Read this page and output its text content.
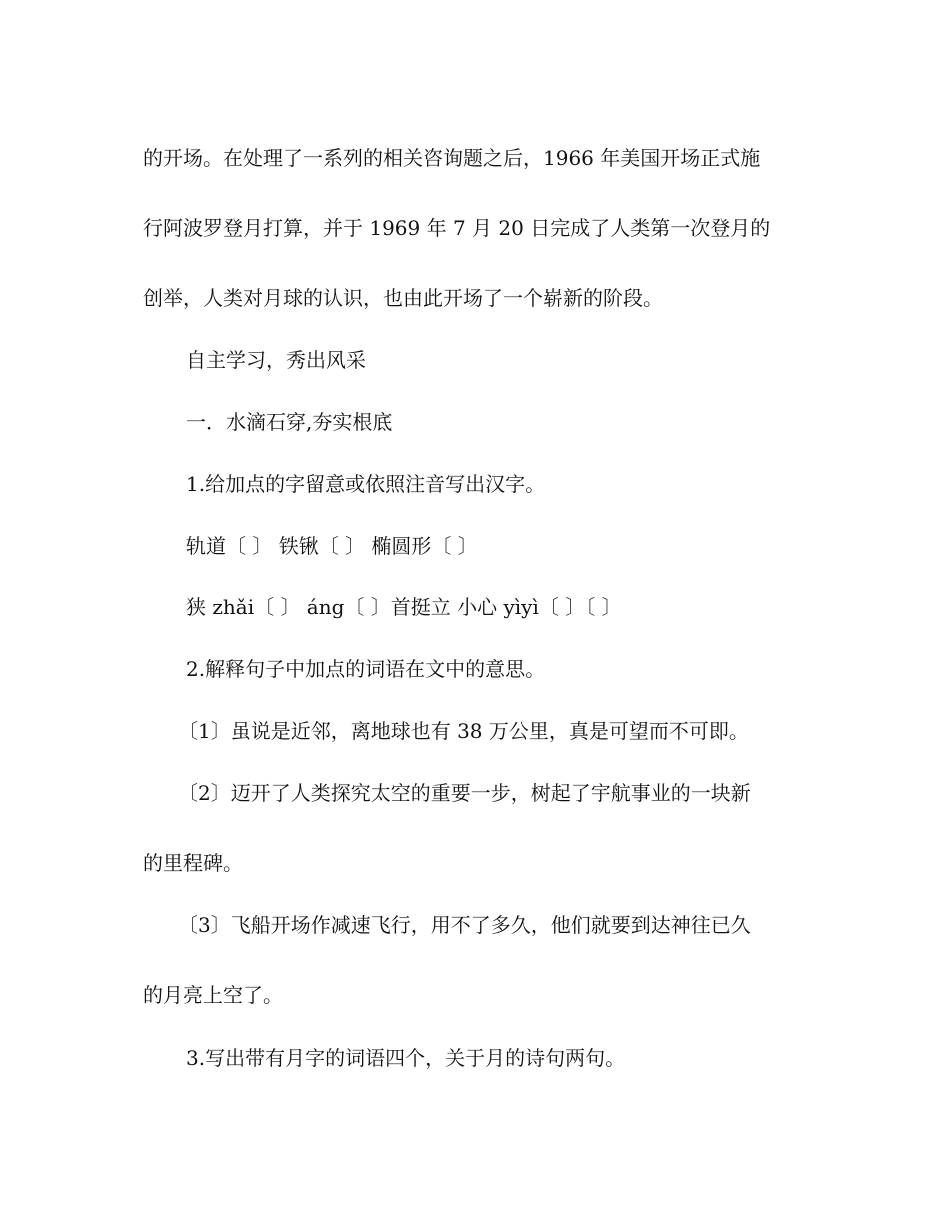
的开场。在处理了一系列的相关咨询题之后，1966 年美国开场正式施

行阿波罗登月打算，并于 1969 年 7 月 20 日完成了人类第一次登月的

创举，人类对月球的认识，也由此开场了一个崭新的阶段。

自主学习，秀出风采

一．水滴石穿,夯实根底

1.给加点的字留意或依照注音写出汉字。

轨道〔 〕 铁锹〔 〕 椭圆形〔 〕

狭 zhǎi〔 〕 áng〔 〕首挺立 小心 yìyì〔 〕〔 〕

2.解释句子中加点的词语在文中的意思。

〔1〕虽说是近邻，离地球也有 38 万公里，真是可望而不可即。

〔2〕迈开了人类探究太空的重要一步，树起了宇航事业的一块新

的里程碑。

〔3〕飞船开场作减速飞行，用不了多久，他们就要到达神往已久

的月亮上空了。

3.写出带有月字的词语四个，关于月的诗句两句。
